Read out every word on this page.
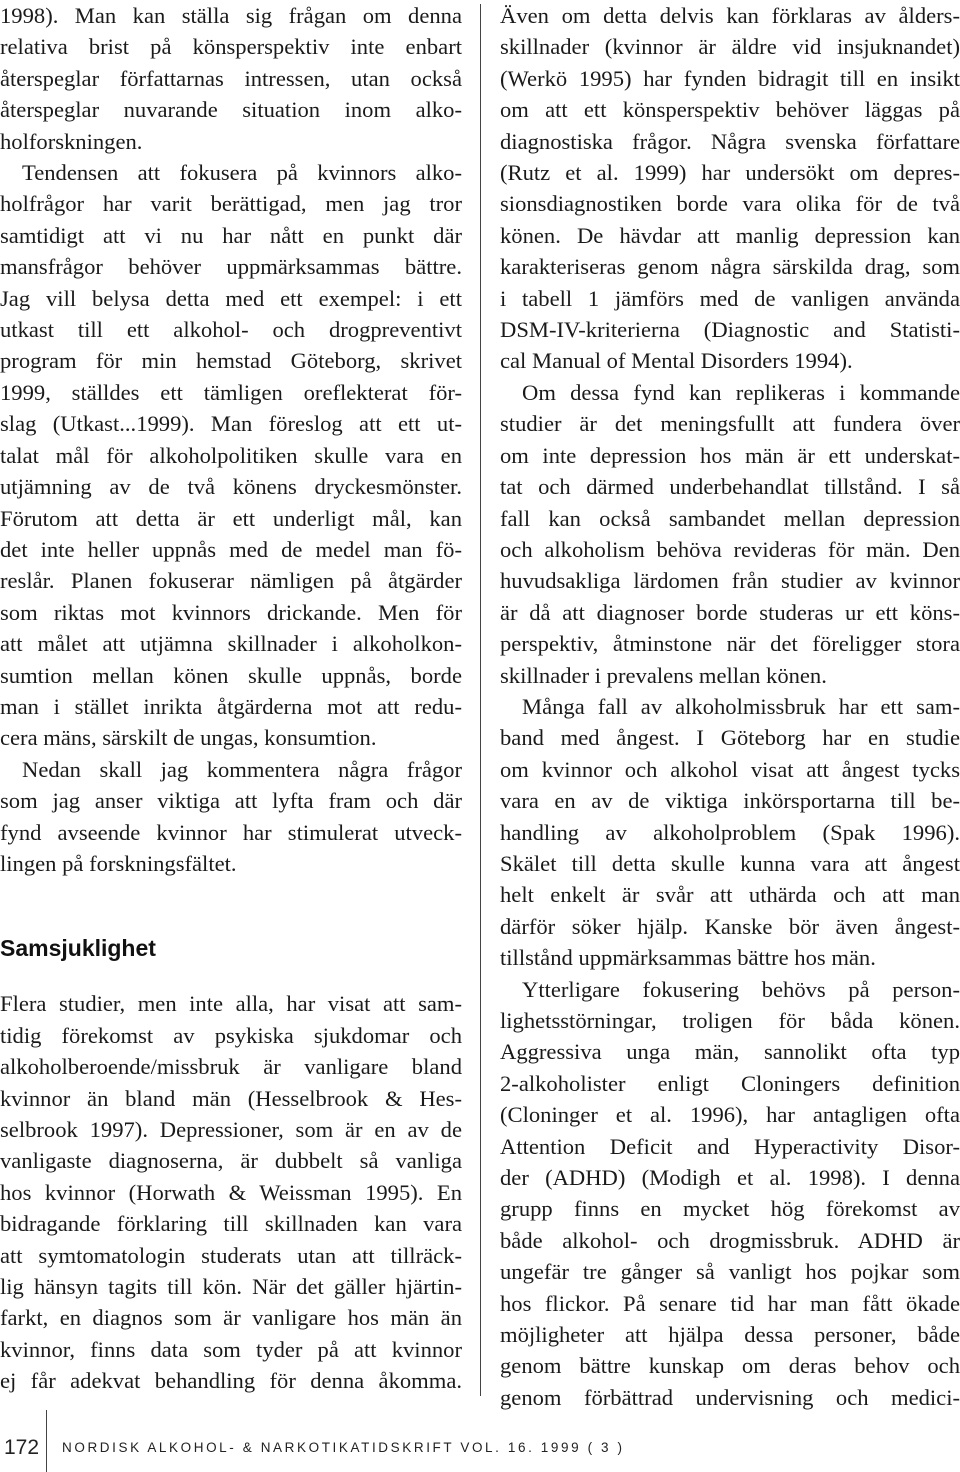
1998). Man kan ställa sig frågan om denna
relativa brist på könsperspektiv inte enbart
återspeglar författarnas intressen, utan också
återspeglar nuvarande situation inom alko-
holforskningen.
Tendensen att fokusera på kvinnors alko-
holfrågor har varit berättigad, men jag tror
samtidigt att vi nu har nått en punkt där
mansfrågor behöver uppmärksammas bättre.
Jag vill belysa detta med ett exempel: i ett
utkast till ett alkohol- och drogpreventivt
program för min hemstad Göteborg, skrivet
1999, ställdes ett tämligen oreflekterat för-
slag (Utkast...1999). Man föreslog att ett ut-
talat mål för alkoholpolitiken skulle vara en
utjämning av de två könens dryckesmönster.
Förutom att detta är ett underligt mål, kan
det inte heller uppnås med de medel man fö-
reslår. Planen fokuserar nämligen på åtgärder
som riktas mot kvinnors drickande. Men för
att målet att utjämna skillnader i alkoholkon-
sumtion mellan könen skulle uppnås, borde
man i stället inrikta åtgärderna mot att redu-
cera mäns, särskilt de ungas, konsumtion.
Nedan skall jag kommentera några frågor
som jag anser viktiga att lyfta fram och där
fynd avseende kvinnor har stimulerat utveck-
lingen på forskningsfältet.
Samsjuklighet
Flera studier, men inte alla, har visat att sam-
tidig förekomst av psykiska sjukdomar och
alkoholberoende/missbruk är vanligare bland
kvinnor än bland män (Hesselbrook & Hes-
selbrook 1997). Depressioner, som är en av de
vanligaste diagnoserna, är dubbelt så vanliga
hos kvinnor (Horwath & Weissman 1995). En
bidragande förklaring till skillnaden kan vara
att symtomatologin studerats utan att tillräck-
lig hänsyn tagits till kön. När det gäller hjärtin-
farkt, en diagnos som är vanligare hos män än
kvinnor, finns data som tyder på att kvinnor
ej får adekvat behandling för denna åkomma.
Även om detta delvis kan förklaras av ålders-
skillnader (kvinnor är äldre vid insjuknandet)
(Werkö 1995) har fynden bidragit till en insikt
om att ett könsperspektiv behöver läggas på
diagnostiska frågor. Några svenska författare
(Rutz et al. 1999) har undersökt om depres-
sionsdiagnostiken borde vara olika för de två
könen. De hävdar att manlig depression kan
karakteriseras genom några särskilda drag, som
i tabell 1 jämförs med de vanligen använda
DSM-IV-kriterierna (Diagnostic and Statisti-
cal Manual of Mental Disorders 1994).
Om dessa fynd kan replikeras i kommande
studier är det meningsfullt att fundera över
om inte depression hos män är ett underskat-
tat och därmed underbehandlat tillstånd. I så
fall kan också sambandet mellan depression
och alkoholism behöva revideras för män. Den
huvudsakliga lärdomen från studier av kvinnor
är då att diagnoser borde studeras ur ett köns-
perspektiv, åtminstone när det föreligger stora
skillnader i prevalens mellan könen.
Många fall av alkoholmissbruk har ett sam-
band med ångest. I Göteborg har en studie
om kvinnor och alkohol visat att ångest tycks
vara en av de viktiga inkörsportarna till be-
handling av alkoholproblem (Spak 1996).
Skälet till detta skulle kunna vara att ångest
helt enkelt är svår att uthärda och att man
därför söker hjälp. Kanske bör även ångest-
tillstånd uppmärksammas bättre hos män.
Ytterligare fokusering behövs på person-
lighetsstörningar, troligen för båda könen.
Aggressiva unga män, sannolikt ofta typ
2-alkoholister enligt Cloningers definition
(Cloninger et al. 1996), har antagligen ofta
Attention Deficit and Hyperactivity Disor-
der (ADHD) (Modigh et al. 1998). I denna
grupp finns en mycket hög förekomst av
både alkohol- och drogmissbruk. ADHD är
ungefär tre gånger så vanligt hos pojkar som
hos flickor. På senare tid har man fått ökade
möjligheter att hjälpa dessa personer, både
genom bättre kunskap om deras behov och
genom förbättrad undervisning och medici-
172 NORDISK ALKOHOL- & NARKOTIKATIDSKRIFT VOL. 16. 1999 ( 3 )
